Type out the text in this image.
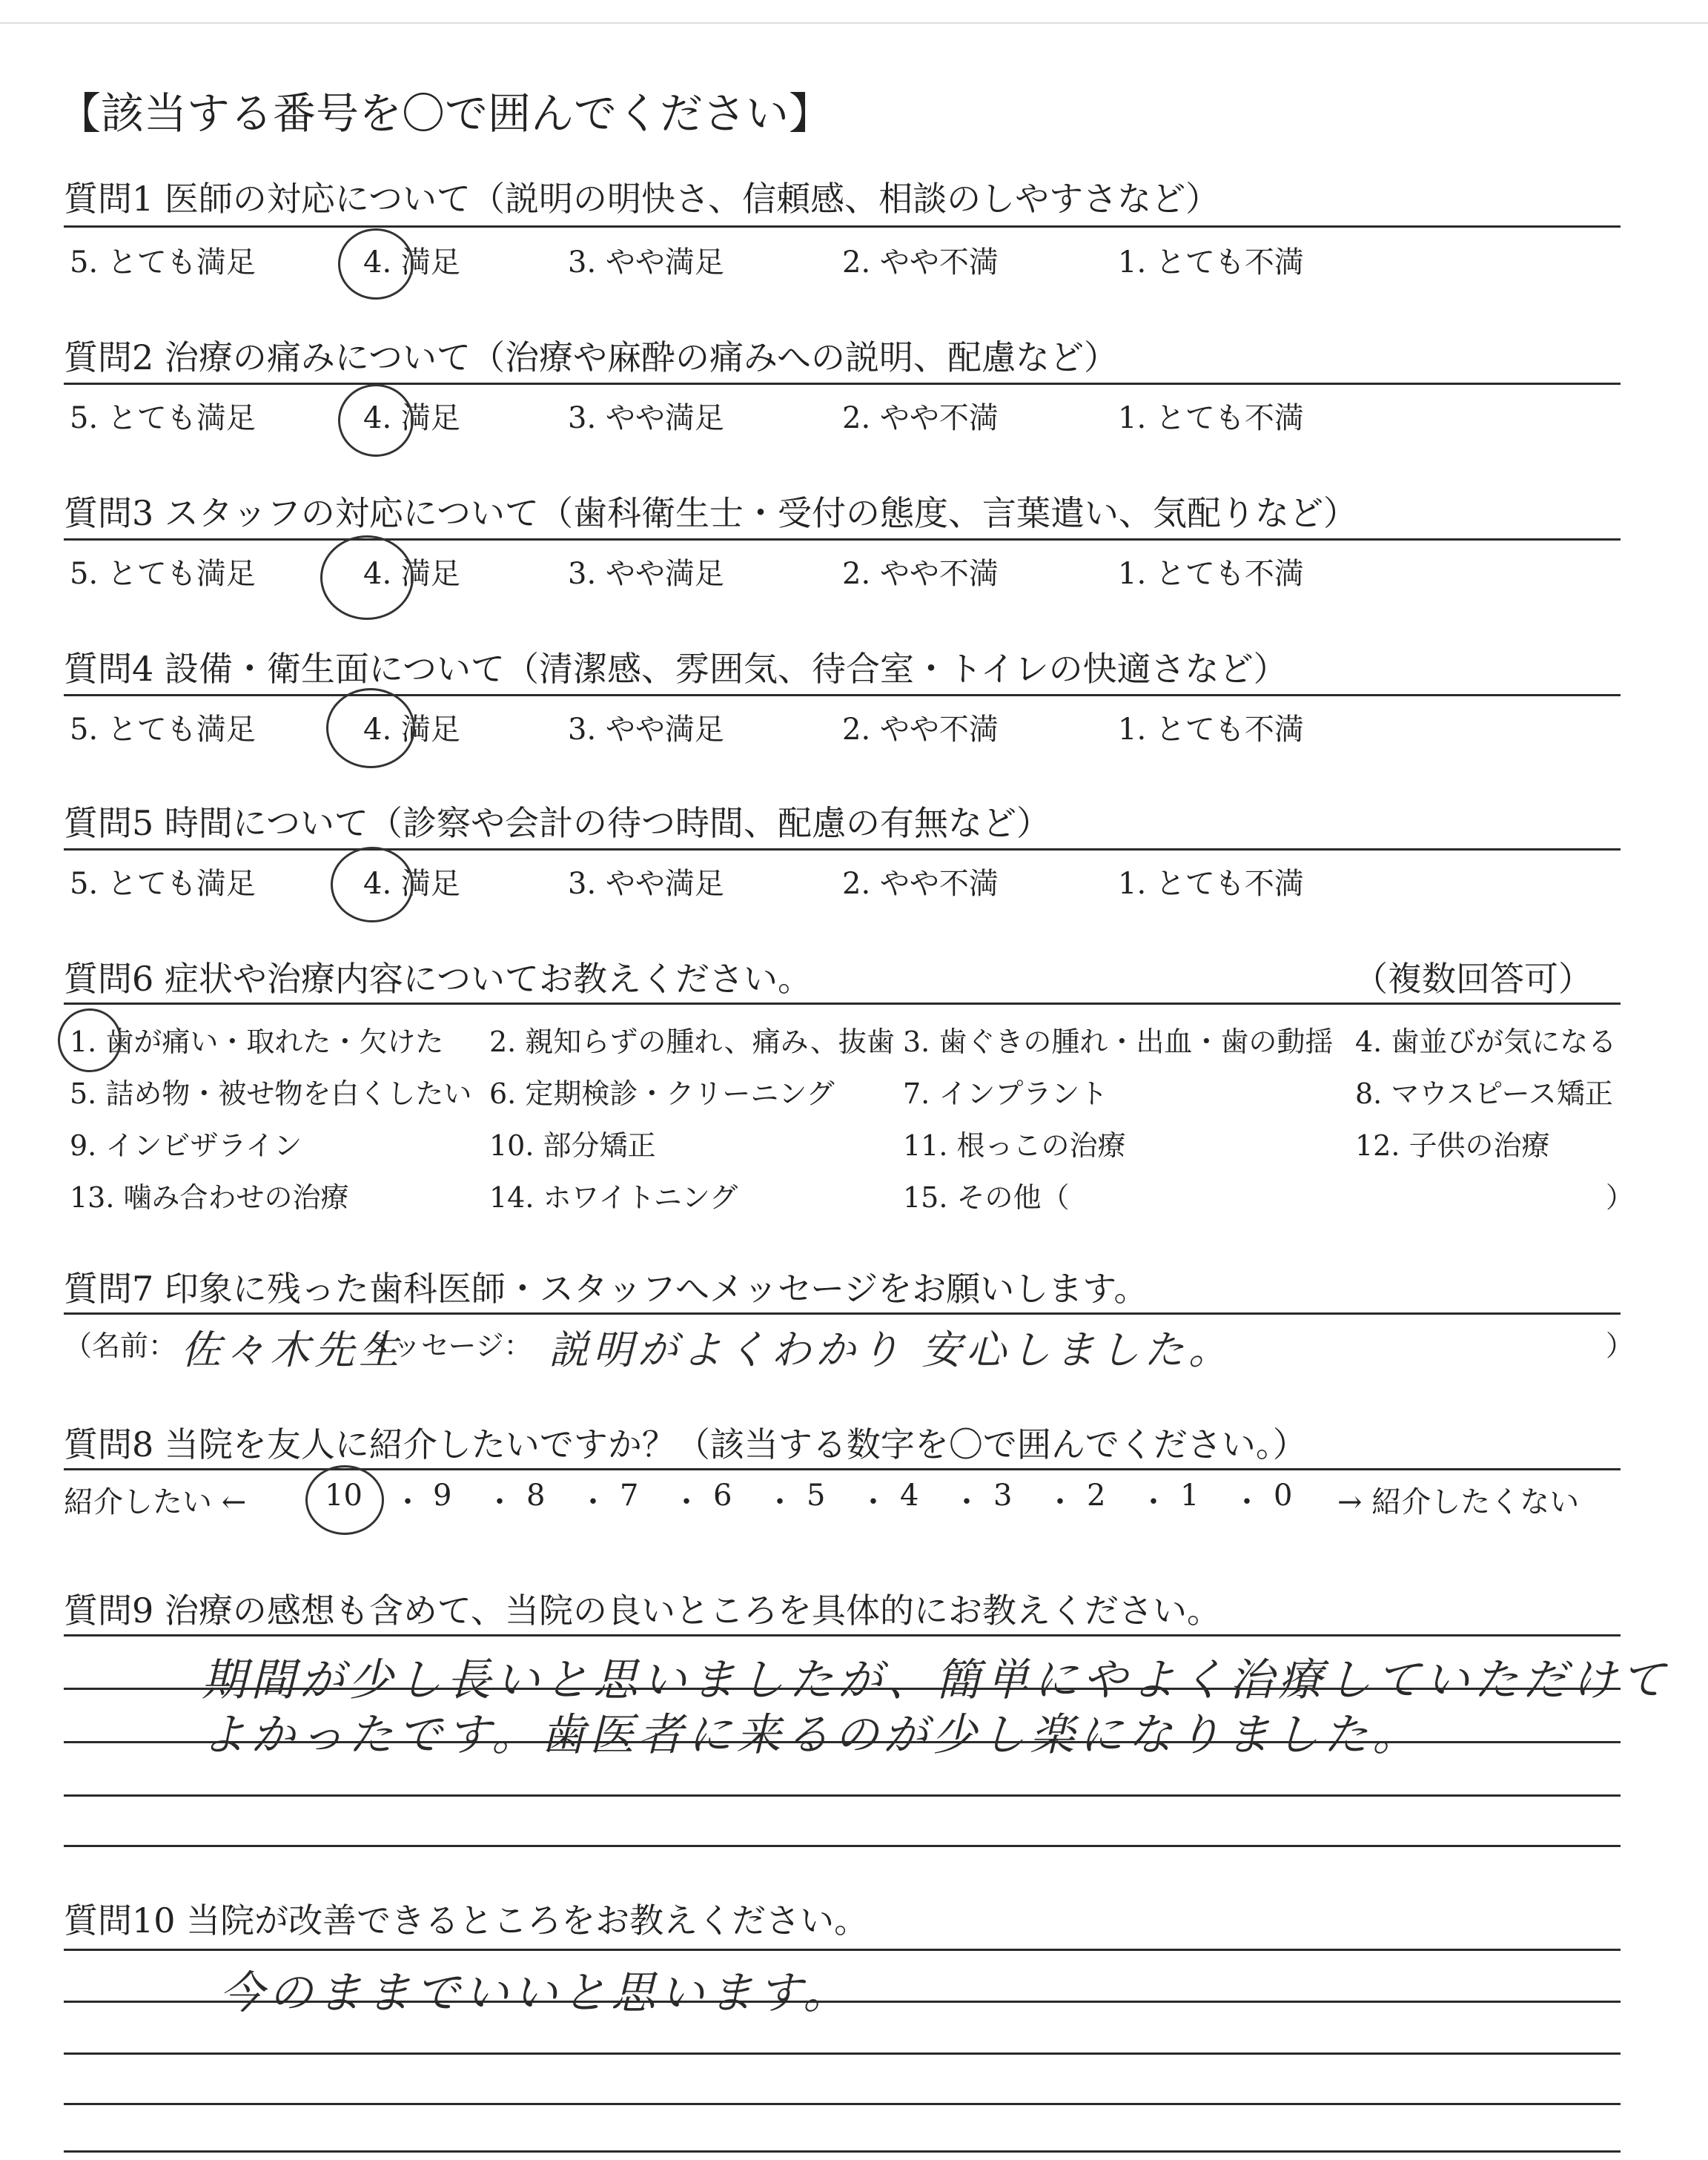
【該当する番号を〇で囲んでください】
質問1 医師の対応について（説明の明快さ、信頼感、相談のしやすさなど）
5. とても満足	4. 満足	3. やや満足	2. やや不満	1. とても不満
質問2 治療の痛みについて（治療や麻酔の痛みへの説明、配慮など）
5. とても満足	4. 満足	3. やや満足	2. やや不満	1. とても不満
質問3 スタッフの対応について（歯科衛生士・受付の態度、言葉遣い、気配りなど）
5. とても満足	4. 満足	3. やや満足	2. やや不満	1. とても不満
質問4 設備・衛生面について（清潔感、雰囲気、待合室・トイレの快適さなど）
5. とても満足	4. 満足	3. やや満足	2. やや不満	1. とても不満
質問5 時間について（診察や会計の待つ時間、配慮の有無など）
5. とても満足	4. 満足	3. やや満足	2. やや不満	1. とても不満
質問6 症状や治療内容についてお教えください。	（複数回答可）
1. 歯が痛い・取れた・欠けた 2. 親知らずの腫れ、痛み、抜歯 3. 歯ぐきの腫れ・出血・歯の動揺 4. 歯並びが気になる
5. 詰め物・被せ物を白くしたい 6. 定期検診・クリーニング 7. インプラント	8. マウスピース矯正
9. インビザライン	10. 部分矯正	11. 根っこの治療	12. 子供の治療
13. 噛み合わせの治療	14. ホワイトニング	15. その他（	）
質問7 印象に残った歯科医師・スタッフへメッセージをお願いします。
（名前： 佐々木先生
メッセージ： 説明がよくわかり 安心しました。	）
質問8 当院を友人に紹介したいですか？（該当する数字を〇で囲んでください。）
紹介したい ←	10 ・ 9 ・ 8 ・ 7 ・ 6 ・ 5 ・ 4 ・ 3 ・ 2 ・ 1 ・ 0 → 紹介したくない
質問9 治療の感想も含めて、当院の良いところを具体的にお教えください。
期間が少し長いと思いましたが、簡単にやよく治療していただけて
よかったです。歯医者に来るのが少し楽になりました。
質問10 当院が改善できるところをお教えください。
今のままでいいと思います。
